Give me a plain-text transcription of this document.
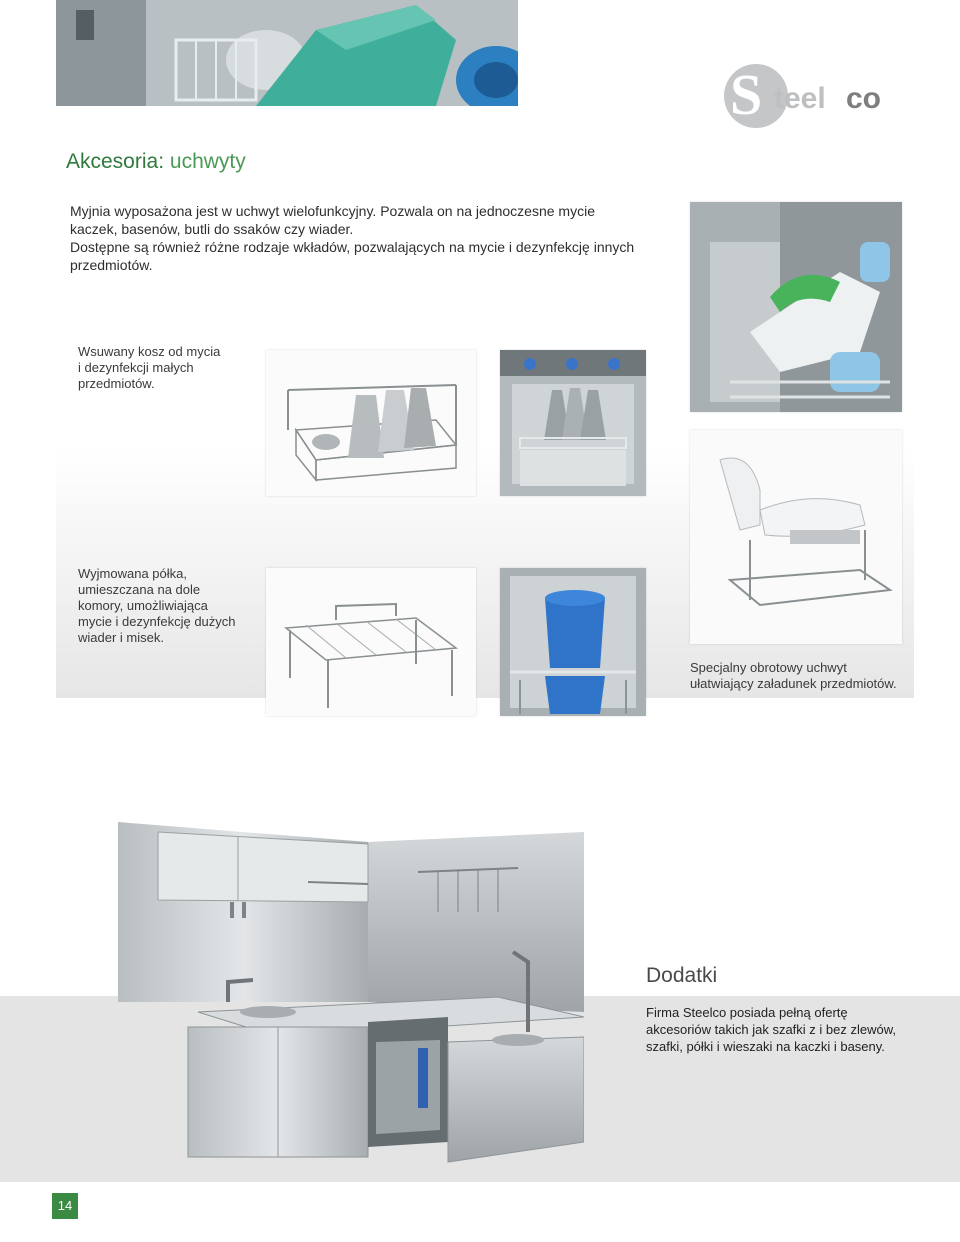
S teel co
Akcesoria: uchwyty

Myjnia wyposażona jest w uchwyt wielofunkcyjny. Pozwala on na jednoczesne mycie

kaczek, basenów, butli do ssaków czy wiader.

Dostępne są również różne rodzaje wkładów, pozwalających na mycie i dezynfekcję innych

przedmiotów.

Wsuwany kosz od mycia

i dezynfekcji małych

przedmiotów.

Wyjmowana półka,

umieszczana na dole

komory, umożliwiająca

mycie i dezynfekcję dużych

wiader i misek.

Specjalny obrotowy uchwyt

ułatwiający załadunek przedmiotów.

Dodatki

Firma Steelco posiada pełną ofertę

akcesoriów takich jak szafki z i bez zlewów,

szafki, półki i wieszaki na kaczki i baseny.

14
